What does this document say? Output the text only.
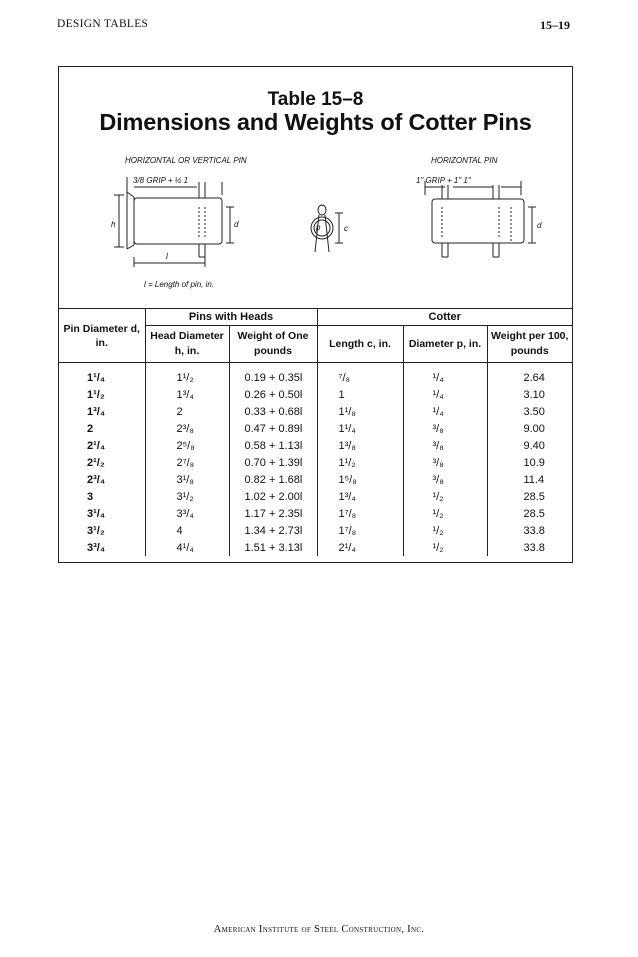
DESIGN TABLES	15–19
Table 15–8
Dimensions and Weights of Cotter Pins
HORIZONTAL OR VERTICAL PIN	HORIZONTAL PIN
3/8 GRIP + ½ 1	1" GRIP + 1" 1"
h	d
l
p	c	d
l = Length of pin, in.
Pin Diameter d, in.	Pins with Heads		Cotter		
	Head Diameter h, in.	Weight of One pounds	Length c, in.	Diameter p, in.	Weight per 100, pounds
1¹/₄	1¹/₂	0.19 + 0.35l	⁷/₈	¹/₄	2.64
1¹/₂	1³/₄	0.26 + 0.50l	1	¹/₄	3.10
1³/₄	2	0.33 + 0.68l	1¹/₈	¹/₄	3.50
2	2³/₈	0.47 + 0.89l	1¹/₄	³/₈	9.00
2¹/₄	2⁵/₈	0.58 + 1.13l	1³/₈	³/₈	9.40
2¹/₂	2⁷/₈	0.70 + 1.39l	1¹/₂	³/₈	10.9
2³/₄	3¹/₈	0.82 + 1.68l	1⁵/₈	³/₈	11.4
3	3¹/₂	1.02 + 2.00l	1³/₄	¹/₂	28.5
3¹/₄	3³/₄	1.17 + 2.35l	1⁷/₈	¹/₂	28.5
3¹/₂	4	1.34 + 2.73l	1⁷/₈	¹/₂	33.8
3³/₄	4¹/₄	1.51 + 3.13l	2¹/₄	¹/₂	33.8
American Institute of Steel Construction, Inc.
